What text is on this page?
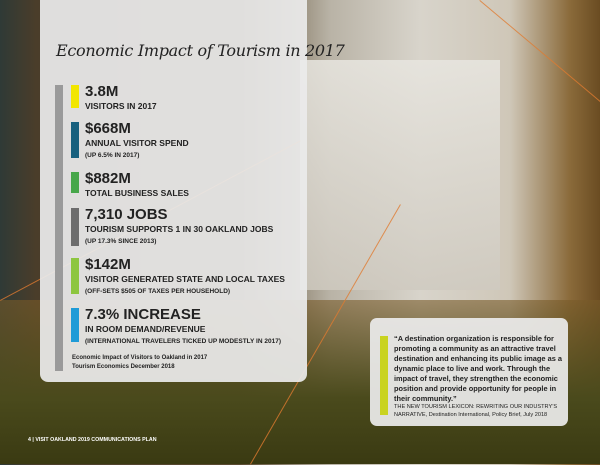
Economic Impact of Tourism in 2017
3.8M
VISITORS IN 2017
$668M
ANNUAL VISITOR SPEND
(UP 6.5% IN 2017)
$882M
TOTAL BUSINESS SALES
7,310 JOBS
TOURISM SUPPORTS 1 IN 30 OAKLAND JOBS
(UP 17.3% SINCE 2013)
$142M
VISITOR GENERATED STATE AND LOCAL TAXES
(OFF-SETS $505 OF TAXES PER HOUSEHOLD)
7.3% INCREASE
IN ROOM DEMAND/REVENUE
(INTERNATIONAL TRAVELERS TICKED UP MODESTLY IN 2017)
Economic Impact of Visitors to Oakland in 2017
Tourism Economics December 2018
“A destination organization is responsible for promoting a community as an attractive travel destination and enhancing its public image as a dynamic place to live and work. Through the impact of travel, they strengthen the economic position and provide opportunity for people in their community.”
THE NEW TOURISM LEXICON: REWRITING OUR INDUSTRY’S NARRATIVE, Destination International, Policy Brief, July 2018
4 | VISIT OAKLAND 2019 COMMUNICATIONS PLAN
